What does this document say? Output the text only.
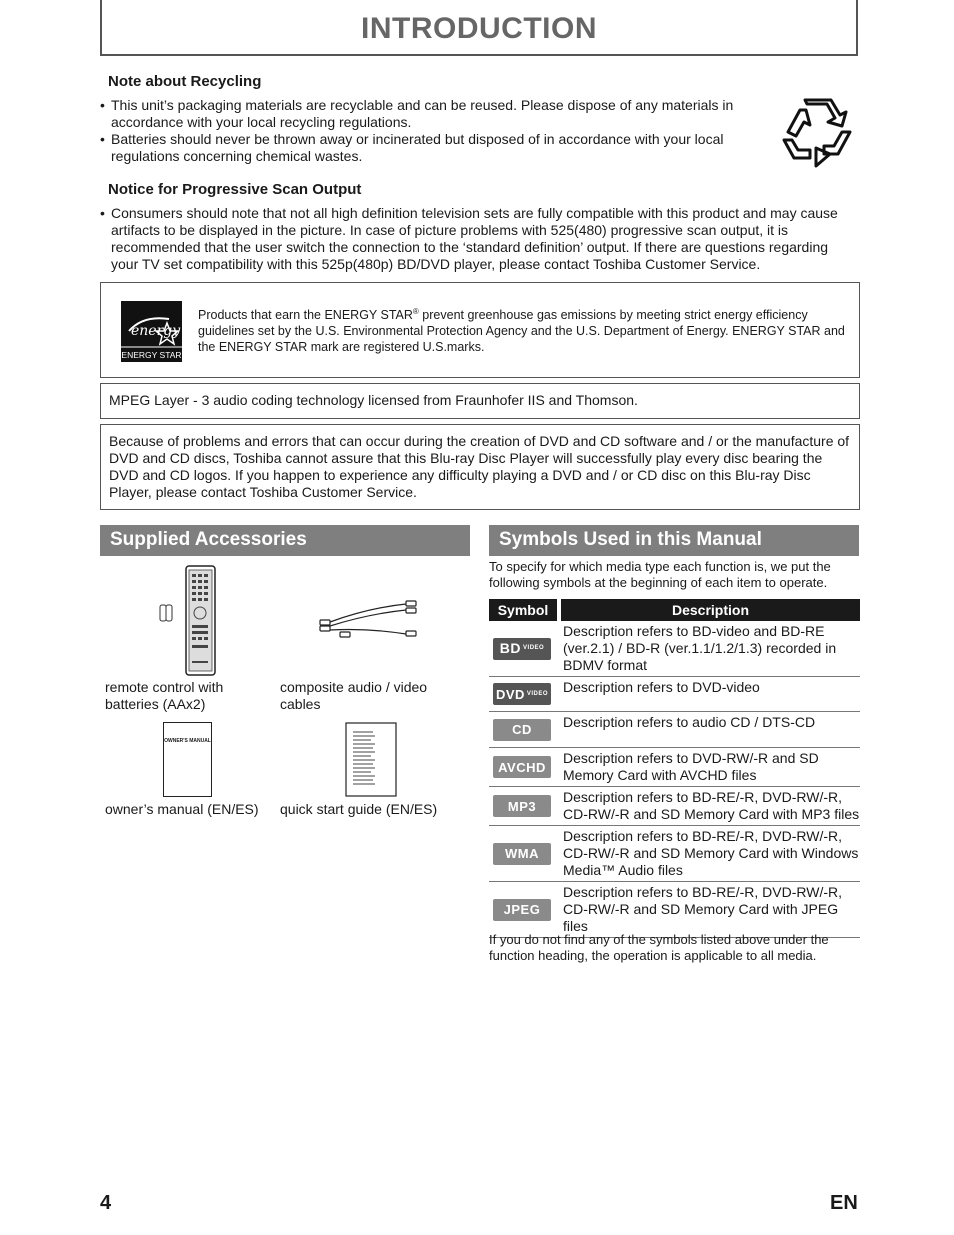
INTRODUCTION
Note about Recycling
• This unit’s packaging materials are recyclable and can be reused. Please dispose of any materials in accordance with your local recycling regulations.
• Batteries should never be thrown away or incinerated but disposed of in accordance with your local regulations concerning chemical wastes.
Notice for Progressive Scan Output
• Consumers should note that not all high definition television sets are fully compatible with this product and may cause artifacts to be displayed in the picture. In case of picture problems with 525(480) progressive scan output, it is recommended that the user switch the connection to the ‘standard definition’ output. If there are questions regarding your TV set compatibility with this 525p(480p) BD/DVD player, please contact Toshiba Customer Service.
energy
ENERGY STAR
Products that earn the ENERGY STAR® prevent greenhouse gas emissions by meeting strict energy efficiency guidelines set by the U.S. Environmental Protection Agency and the U.S. Department of Energy. ENERGY STAR and the ENERGY STAR mark are registered U.S.marks.
MPEG Layer - 3 audio coding technology licensed from Fraunhofer IIS and Thomson.
Because of problems and errors that can occur during the creation of DVD and CD software and / or the manufacture of DVD and CD discs, Toshiba cannot assure that this Blu-ray Disc Player will successfully play every disc bearing the DVD and CD logos. If you happen to experience any difficulty playing a DVD and / or CD disc on this Blu-ray Disc Player, please contact Toshiba Customer Service.
Supplied Accessories
remote control with batteries (AAx2)
composite audio / video cables
OWNER'S MANUAL
owner’s manual (EN/ES)	quick start guide (EN/ES)
Symbols Used in this Manual
To specify for which media type each function is, we put the following symbols at the beginning of each item to operate.
Symbol	Description

BD VIDEO	Description refers to BD-video and BD-RE (ver.2.1) / BD-R (ver.1.1/1.2/1.3) recorded in BDMV format

DVD VIDEO	Description refers to DVD-video

CD	Description refers to audio CD / DTS-CD

AVCHD	Description refers to DVD-RW/-R and SD Memory Card with AVCHD files

MP3	Description refers to BD-RE/-R, DVD-RW/-R, CD-RW/-R and SD Memory Card with MP3 files

WMA	Description refers to BD-RE/-R, DVD-RW/-R, CD-RW/-R and SD Memory Card with Windows Media™ Audio files

JPEG	Description refers to BD-RE/-R, DVD-RW/-R, CD-RW/-R and SD Memory Card with JPEG files
If you do not find any of the symbols listed above under the function heading, the operation is applicable to all media.
4	EN
